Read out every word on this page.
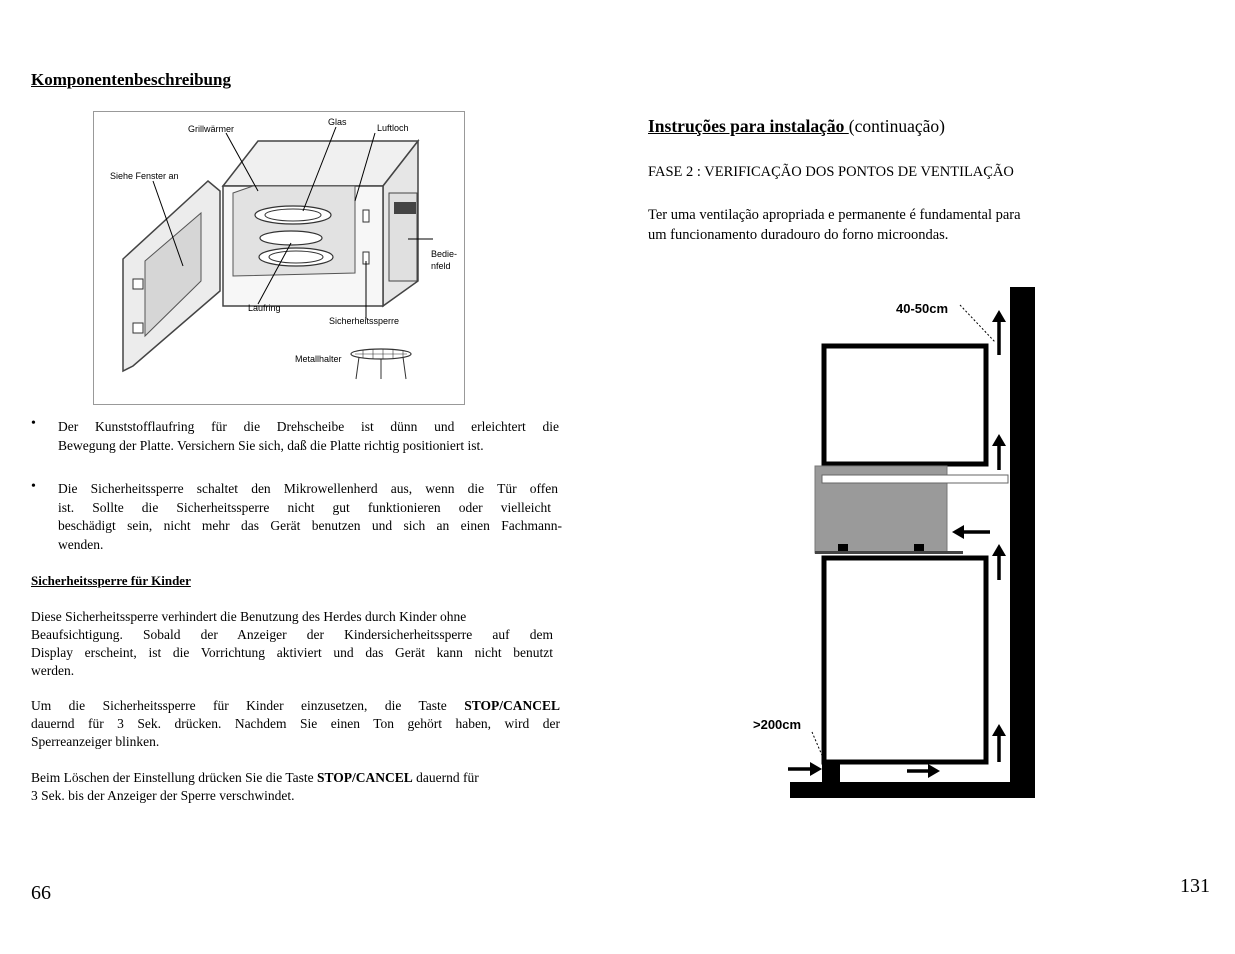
Komponentenbeschreibung
Glas
Grillwärmer	Luftloch
Siehe Fenster an
Bedie-
nfeld
Laufring
Sicherheitssperre
Metallhalter
• Der Kunststofflaufring für die Drehscheibe ist dünn und erleichtert die
Bewegung der Platte. Versichern Sie sich, daß die Platte richtig positioniert ist.
• Die Sicherheitssperre schaltet den Mikrowellenherd aus, wenn die Tür offen
ist. Sollte die Sicherheitssperre nicht gut funktionieren oder vielleicht
beschädigt sein, nicht mehr das Gerät benutzen und sich an einen Fachmann-
wenden.
Sicherheitssperre für Kinder
Diese Sicherheitssperre verhindert die Benutzung des Herdes durch Kinder ohne
Beaufsichtigung. Sobald der Anzeiger der Kindersicherheitssperre auf dem
Display erscheint, ist die Vorrichtung aktiviert und das Gerät kann nicht benutzt
werden.
Um die Sicherheitssperre für Kinder einzusetzen, die Taste STOP/CANCEL
dauernd für 3 Sek. drücken. Nachdem Sie einen Ton gehört haben, wird der
Sperreanzeiger blinken.
Beim Löschen der Einstellung drücken Sie die Taste STOP/CANCEL dauernd für
3 Sek. bis der Anzeiger der Sperre verschwindet.
66
Instruções para instalação (continuação)
FASE 2 : VERIFICAÇÃO DOS PONTOS DE VENTILAÇÃO
Ter uma ventilação apropriada e permanente é fundamental para
um funcionamento duradouro do forno microondas.
40-50cm
>200cm
131
